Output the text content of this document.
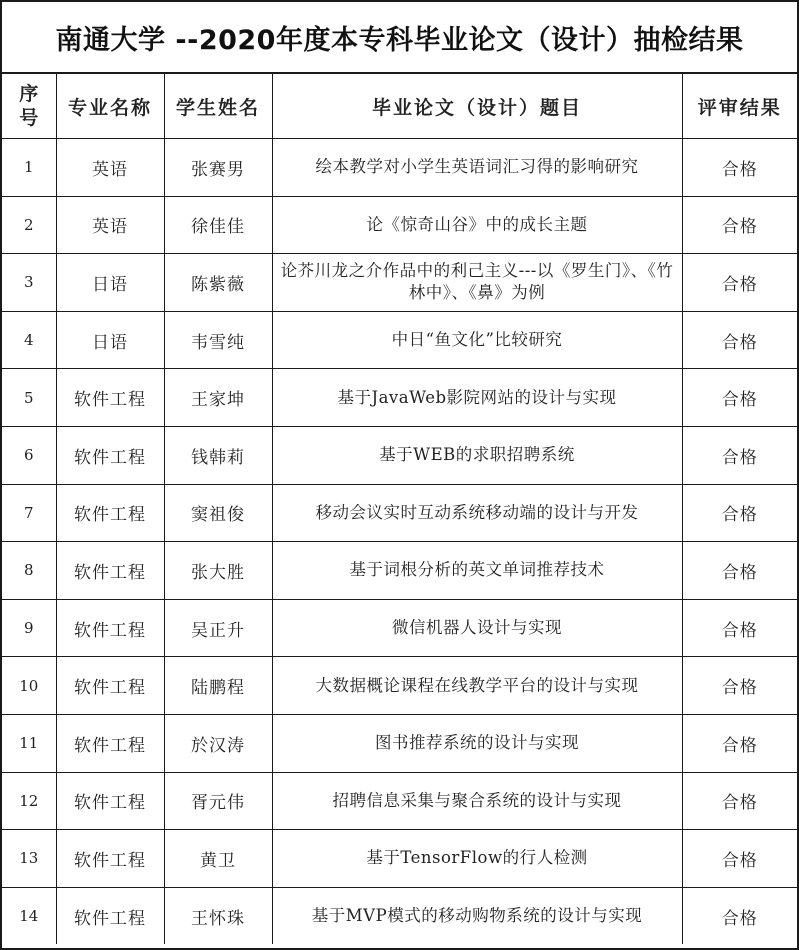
南通大学 --2020年度本专科毕业论文（设计）抽检结果
序
号	专业名称	学生姓名	毕业论文（设计）题目	评审结果
1	英语	张赛男	绘本教学对小学生英语词汇习得的影响研究	合格
2	英语	徐佳佳	论《惊奇山谷》中的成长主题	合格
3	日语	陈紫薇	论芥川龙之介作品中的利己主义---以《罗生门》、《竹林中》、《鼻》为例	合格
4	日语	韦雪纯	中日“鱼文化”比较研究	合格
5	软件工程	王家坤	基于JavaWeb影院网站的设计与实现	合格
6	软件工程	钱韩莉	基于WEB的求职招聘系统	合格
7	软件工程	窦祖俊	移动会议实时互动系统移动端的设计与开发	合格
8	软件工程	张大胜	基于词根分析的英文单词推荐技术	合格
9	软件工程	吴正升	微信机器人设计与实现	合格
10	软件工程	陆鹏程	大数据概论课程在线教学平台的设计与实现	合格
11	软件工程	於汉涛	图书推荐系统的设计与实现	合格
12	软件工程	胥元伟	招聘信息采集与聚合系统的设计与实现	合格
13	软件工程	黄卫	基于TensorFlow的行人检测	合格
14	软件工程	王怀珠	基于MVP模式的移动购物系统的设计与实现	合格
